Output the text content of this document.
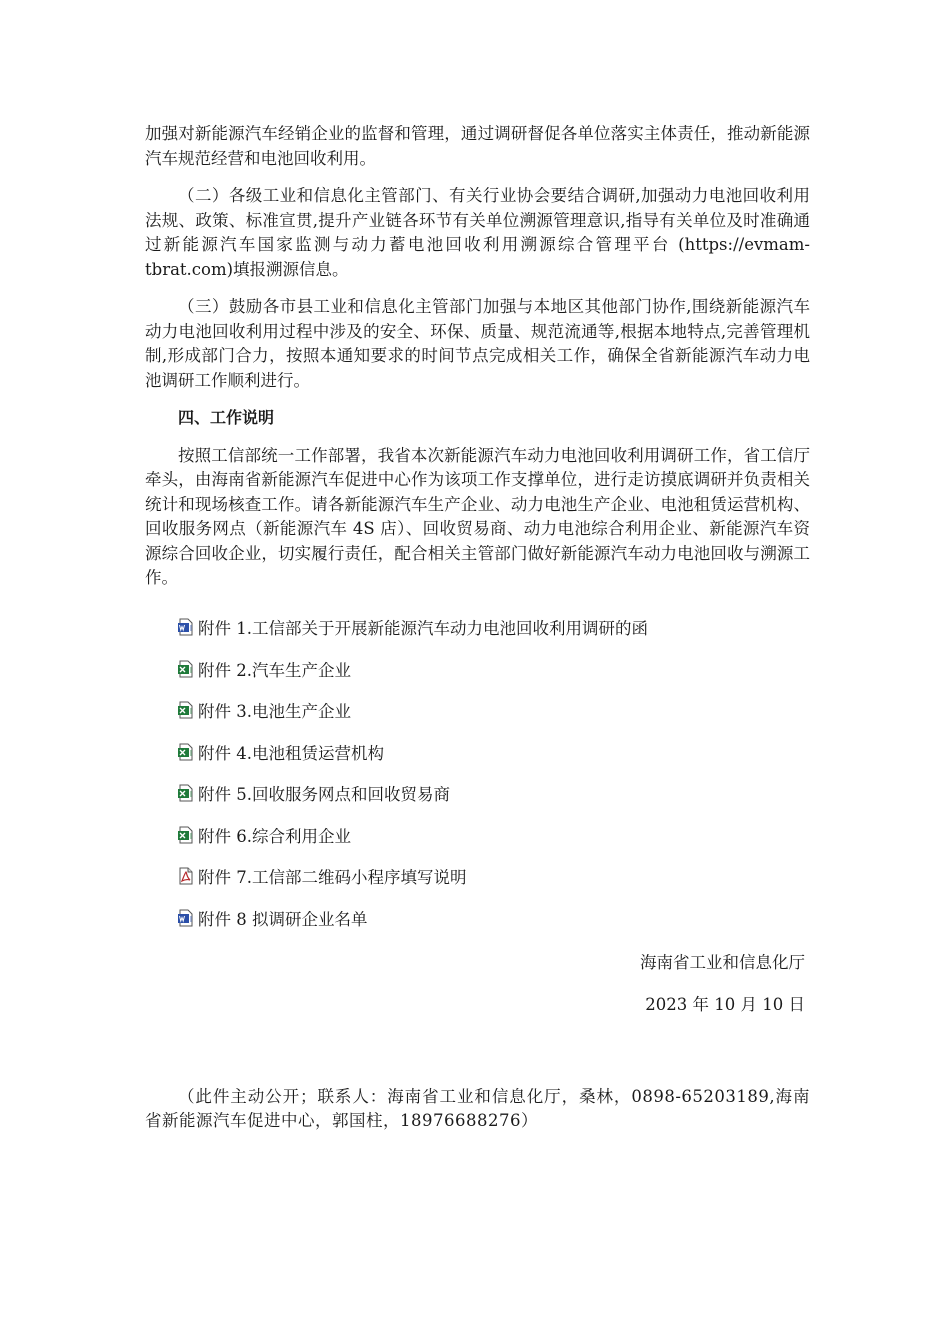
加强对新能源汽车经销企业的监督和管理，通过调研督促各单位落实主体责任，推动新能源汽车规范经营和电池回收利用。

（二）各级工业和信息化主管部门、有关行业协会要结合调研,加强动力电池回收利用法规、政策、标准宣贯,提升产业链各环节有关单位溯源管理意识,指导有关单位及时准确通过新能源汽车国家监测与动力蓄电池回收利用溯源综合管理平台 (https://evmam-tbrat.com)填报溯源信息。

（三）鼓励各市县工业和信息化主管部门加强与本地区其他部门协作,围绕新能源汽车动力电池回收利用过程中涉及的安全、环保、质量、规范流通等,根据本地特点,完善管理机制,形成部门合力，按照本通知要求的时间节点完成相关工作，确保全省新能源汽车动力电池调研工作顺利进行。

四、工作说明

按照工信部统一工作部署，我省本次新能源汽车动力电池回收利用调研工作，省工信厅牵头，由海南省新能源汽车促进中心作为该项工作支撑单位，进行走访摸底调研并负责相关统计和现场核查工作。请各新能源汽车生产企业、动力电池生产企业、电池租赁运营机构、回收服务网点（新能源汽车 4S 店）、回收贸易商、动力电池综合利用企业、新能源汽车资源综合回收企业，切实履行责任，配合相关主管部门做好新能源汽车动力电池回收与溯源工作。

附件 1.工信部关于开展新能源汽车动力电池回收利用调研的函
附件 2.汽车生产企业
附件 3.电池生产企业
附件 4.电池租赁运营机构
附件 5.回收服务网点和回收贸易商
附件 6.综合利用企业
附件 7.工信部二维码小程序填写说明
附件 8 拟调研企业名单

海南省工业和信息化厅

2023 年 10 月 10 日

（此件主动公开；联系人：海南省工业和信息化厅，桑林，0898-65203189,海南省新能源汽车促进中心，郭国柱，18976688276）
